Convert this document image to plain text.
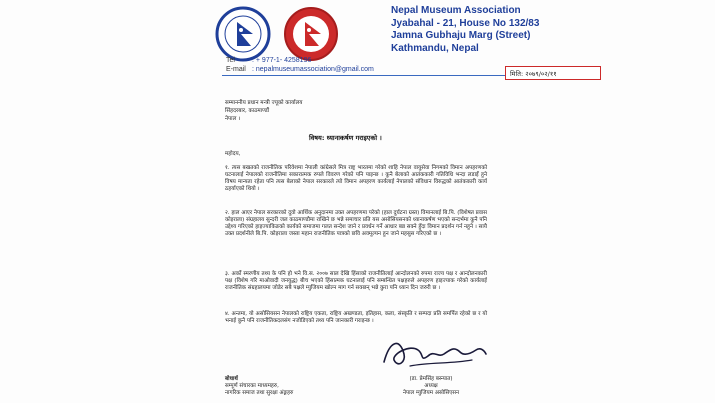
Nepal Museum Association
Jyabahal - 21, House No 132/83
Jamna Gubhaju Marg (Street)
Kathmandu, Nepal
Tel : + 977-1- 4258196
E-mail : nepalmuseumassociation@gmail.com
मिति: २०७९/०२/११
सम्माननीय प्रधान मन्त्री ज्यूको कार्यालय
सिंहदरबार, काठमाण्डौं
नेपाल ।
विषय: ध्यानाकर्षण गराइएको ।
महोदय,
१. त्यस बखतको राजनीतिक परिवेशमा नेपाली कांग्रेसले मित्र राष्ट्र भारतमा गरेको शाहि नेपाल वायुसेवा निगमको विमान अपहरणको घटनालाई नेपालको राजनीतिमा सकारात्मक रुपले विवरण गरेको पनि पाइन्छ । कुनै बेलाको आतंककारी गतिविधि भन्दा लडाइँ हुने विषय मान्यता रहेता पनि त्यस बेलाको नेपाल सरकारले त्यो विमान अपहरण कार्यलाई नेपालको संविधान विरुद्धको आतंककारी कार्य ठहर्याएको थियो ।
२. हाल आएर नेपाल सरकारको दुवो आर्थिक अनुदानमा उक्त अपहरणमा परेको (हाल दुर्घटना ग्रस्त) विमानलाई बि.पि. (विशेषत प्रवास कोइराला) संग्रहालय सुन्दरी जल काठमाण्डौमा राखिने छ भन्ने समाचार प्रति यस असोसियसनको ध्यानाकर्षण भएको सन्दर्भमा कुनै पनि उद्देश्य गरिएको हाइज्याकिङको कार्यको समाजमा गलत सन्देश जाने र प्रवर्धन गर्ने आधार बन्न सक्ने हुँदा विमान प्रदर्शन गर्न नहुने । सायै उक्त प्रदर्शनीले बि.पि. कोइराला जस्ता महान राजनीतिक पात्रको छवि अवमूल्यन हुन जाने महसुस गरिएको छ ।
३. अर्को स्मरणीय तथ्य के पनि हो भने वि.स. २००७ साल देखि हिंसाको राजनीतिलाई आन्दोलनको रुपमा राज्य पक्ष र आन्दोलनकारी पक्ष (विशेष गरि माओवादी जनयुद्ध) बीच भएको हिंसात्मक घटनालाई पनि सम्बन्धित पक्षहरुले अपहरण हाइज्याक गरेको कार्यलाई राजनीतिक संग्रहालयमा जोडेर सबै पक्षले म्युजियम खोल्न माग गर्न सक्छन् भन्ने कुरा पनि ध्यान दिन जरुरी छ ।
४. अन्तमा, यो असोसियसन नेपालको राष्ट्रिय एकता, राष्ट्रिय अखण्डता, इतिहास, कला, संस्कृति र सम्पदा प्रति समर्पित रहेको छ र यो भनाई कुनै पनि राजनीतिकदलसंग नजोडिएको तथ्य पनि जानकारी गराइन्छ ।
(डा. प्रेमसिंह बस्न्यात)
अध्यक्ष
नेपाल म्युजियम असोसिएसन
बोधार्थ
सम्पूर्ण संचारका माध्यमहरु,
नागरिक समाज तथा सुरक्षा अंङ्गहरु
